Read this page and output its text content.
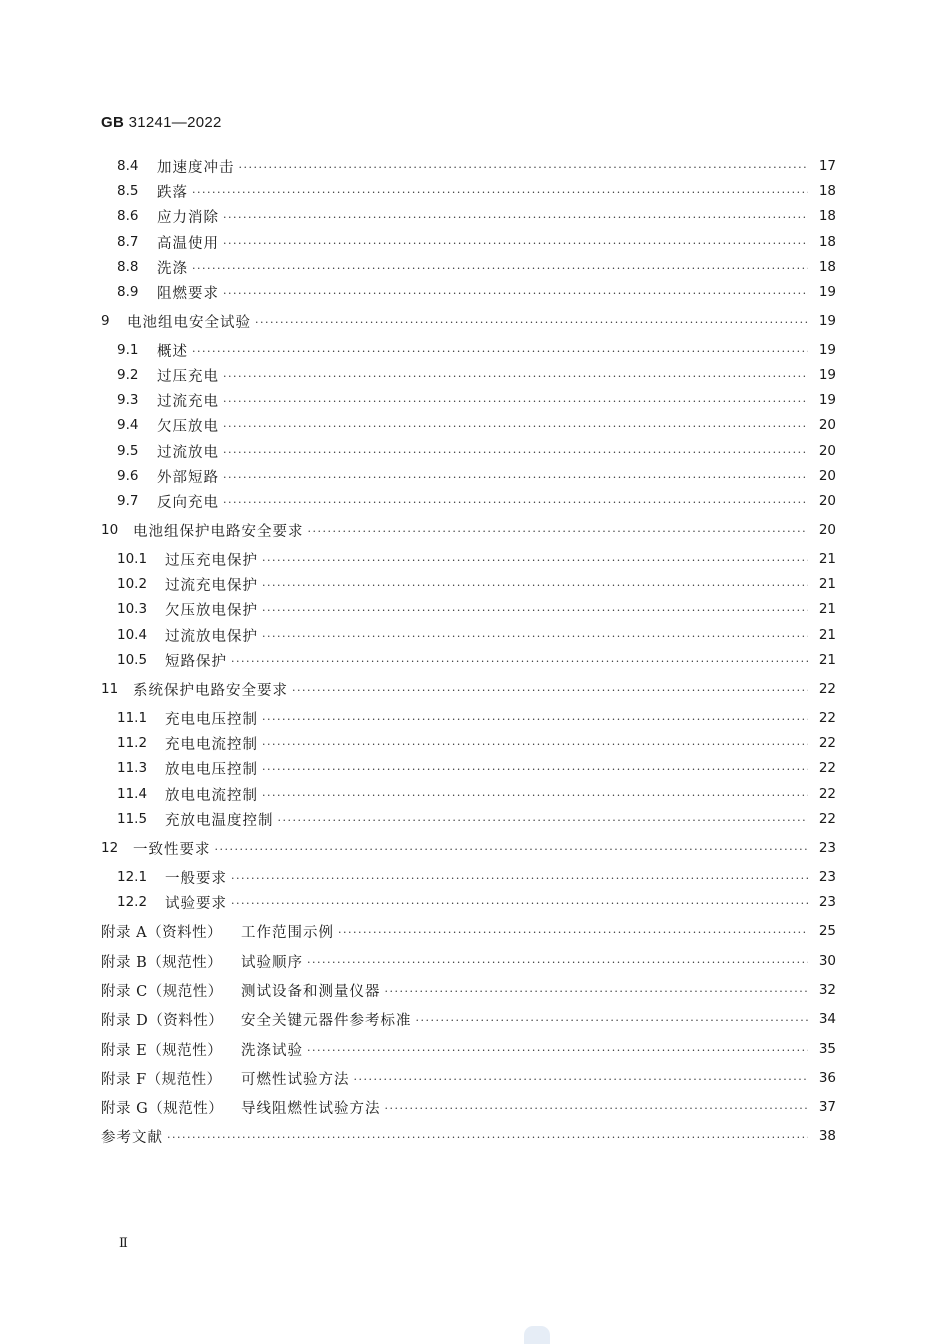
GB 31241—2022
8.4	加速度冲击 ·····	17
8.5	跌落 ·····	18
8.6	应力消除 ·····	18
8.7	高温使用 ·····	18
8.8	洗涤 ·····	18
8.9	阻燃要求 ·····	19
9	电池组电安全试验 ·····	19
9.1	概述 ·····	19
9.2	过压充电 ·····	19
9.3	过流充电 ·····	19
9.4	欠压放电 ·····	20
9.5	过流放电 ·····	20
9.6	外部短路 ·····	20
9.7	反向充电 ·····	20
10	电池组保护电路安全要求 ·····	20
10.1	过压充电保护 ·····	21
10.2	过流充电保护 ·····	21
10.3	欠压放电保护 ·····	21
10.4	过流放电保护 ·····	21
10.5	短路保护 ·····	21
11	系统保护电路安全要求 ·····	22
11.1	充电电压控制 ·····	22
11.2	充电电流控制 ·····	22
11.3	放电电压控制 ·····	22
11.4	放电电流控制 ·····	22
11.5	充放电温度控制 ·····	22
12	一致性要求 ·····	23
12.1	一般要求 ·····	23
12.2	试验要求 ·····	23
附录 A（资料性）	工作范围示例 ·····	25
附录 B（规范性）	试验顺序 ·····	30
附录 C（规范性）	测试设备和测量仪器 ·····	32
附录 D（资料性）	安全关键元器件参考标准 ·····	34
附录 E（规范性）	洗涤试验 ·····	35
附录 F（规范性）	可燃性试验方法 ·····	36
附录 G（规范性）	导线阻燃性试验方法 ·····	37
参考文献 ·····	38
Ⅱ
